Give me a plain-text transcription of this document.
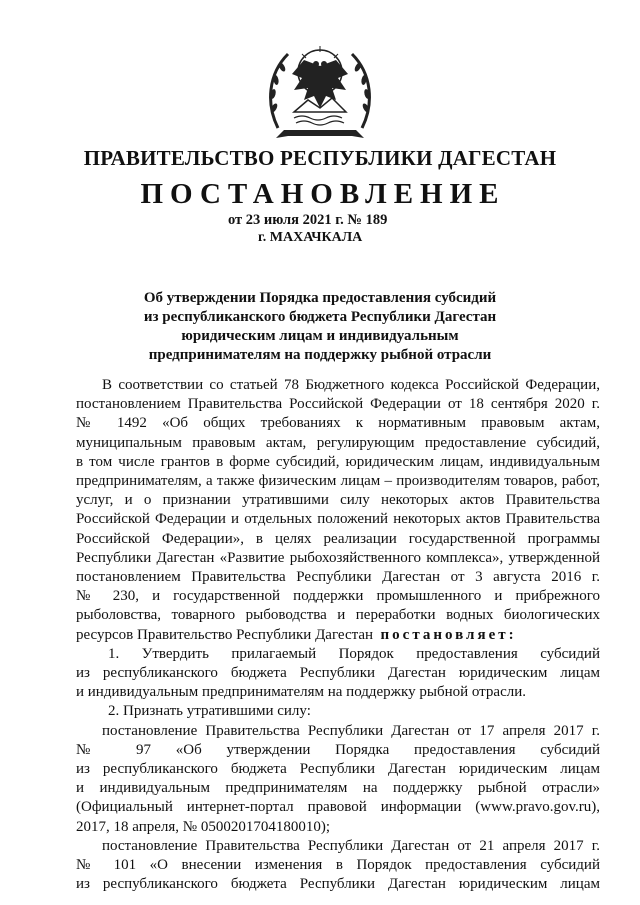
ПРАВИТЕЛЬСТВО РЕСПУБЛИКИ ДАГЕСТАН
ПОСТАНОВЛЕНИЕ
от 23 июля 2021 г. № 189
г. МАХАЧКАЛА
Об утверждении Порядка предоставления субсидий
из республиканского бюджета Республики Дагестан
юридическим лицам и индивидуальным
предпринимателям на поддержку рыбной отрасли
В соответствии со статьей 78 Бюджетного кодекса Российской Федерации,
постановлением Правительства Российской Федерации от 18 сентября 2020 г.
№ 1492 «Об общих требованиях к нормативным правовым актам,
муниципальным правовым актам, регулирующим предоставление субсидий,
в том числе грантов в форме субсидий, юридическим лицам, индивидуальным
предпринимателям, а также физическим лицам – производителям товаров, работ,
услуг, и о признании утратившими силу некоторых актов Правительства
Российской Федерации и отдельных положений некоторых актов Правительства
Российской Федерации», в целях реализации государственной программы
Республики Дагестан «Развитие рыбохозяйственного комплекса», утвержденной
постановлением Правительства Республики Дагестан от 3 августа 2016 г.
№ 230, и государственной поддержки промышленного и прибрежного
рыболовства, товарного рыбоводства и переработки водных биологических
ресурсов Правительство Республики Дагестан постановляет:
1. Утвердить прилагаемый Порядок предоставления субсидий
из республиканского бюджета Республики Дагестан юридическим лицам
и индивидуальным предпринимателям на поддержку рыбной отрасли.
2. Признать утратившими силу:
постановление Правительства Республики Дагестан от 17 апреля 2017 г.
№ 97 «Об утверждении Порядка предоставления субсидий
из республиканского бюджета Республики Дагестан юридическим лицам
и индивидуальным предпринимателям на поддержку рыбной отрасли»
(Официальный интернет-портал правовой информации (www.pravo.gov.ru),
2017, 18 апреля, № 0500201704180010);
постановление Правительства Республики Дагестан от 21 апреля 2017 г.
№ 101 «О внесении изменения в Порядок предоставления субсидий
из республиканского бюджета Республики Дагестан юридическим лицам
